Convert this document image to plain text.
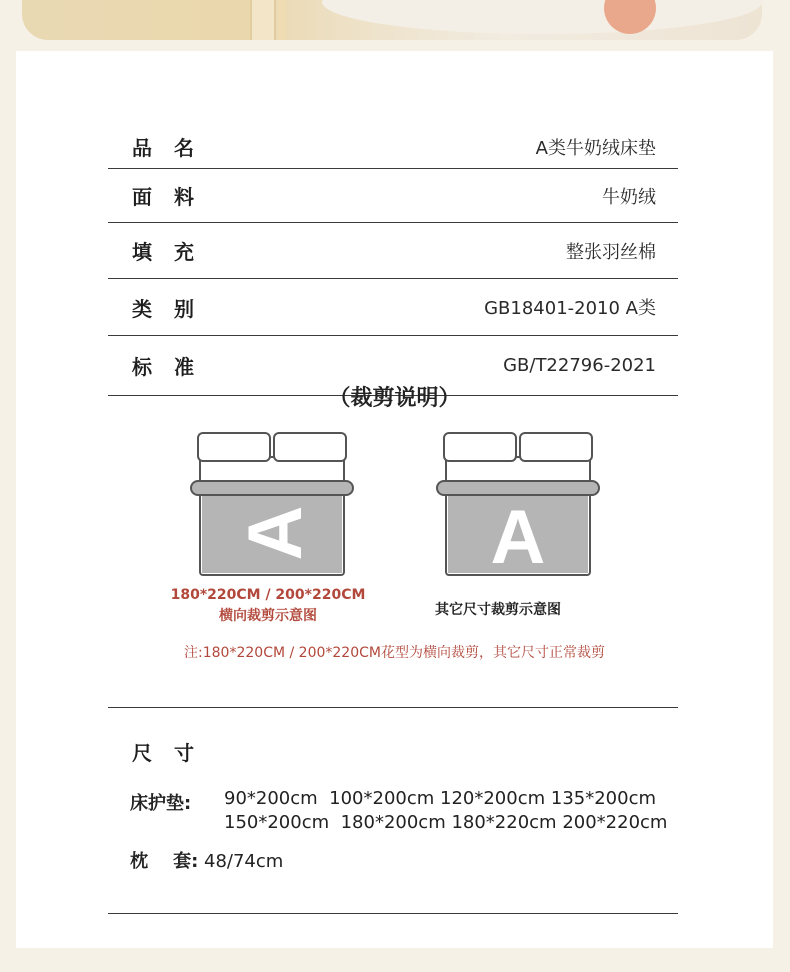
品名	A类牛奶绒床垫
面料	牛奶绒
填充	整张羽丝棉
类别	GB18401-2010 A类
标准	GB/T22796-2021
（裁剪说明）
A A
180*220CM / 200*220CM
横向裁剪示意图	其它尺寸裁剪示意图
注:180*220CM / 200*220CM花型为横向裁剪，其它尺寸正常裁剪
尺寸
床护垫: 90*200cm  100*200cm 120*200cm 135*200cm
150*200cm  180*200cm 180*220cm 200*220cm
枕    套: 48/74cm
